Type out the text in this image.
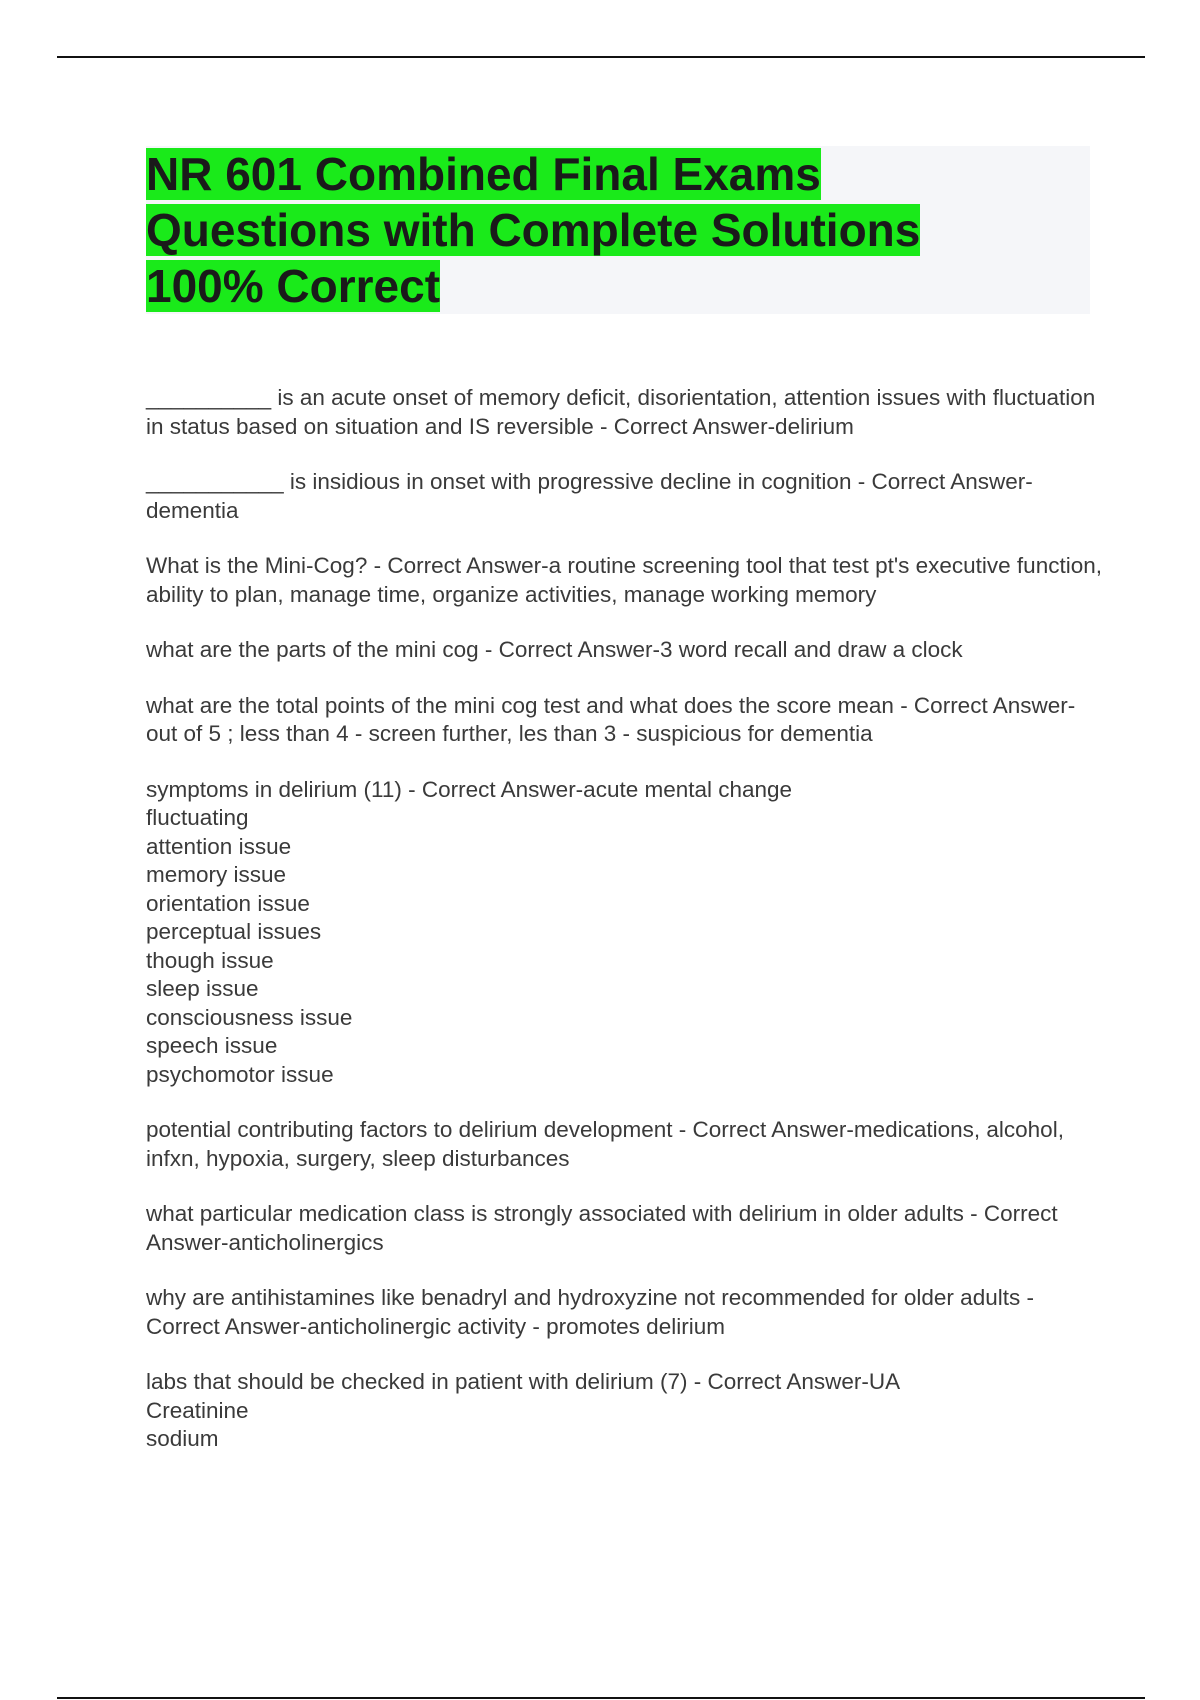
NR 601 Combined Final Exams
Questions with Complete Solutions
100% Correct

__________ is an acute onset of memory deficit, disorientation, attention issues with fluctuation in status based on situation and IS reversible - Correct Answer-delirium

___________ is insidious in onset with progressive decline in cognition - Correct Answer-
dementia

What is the Mini-Cog? - Correct Answer-a routine screening tool that test pt's executive function, ability to plan, manage time, organize activities, manage working memory

what are the parts of the mini cog - Correct Answer-3 word recall and draw a clock

what are the total points of the mini cog test and what does the score mean - Correct Answer-out of 5 ; less than 4 - screen further, les than 3 - suspicious for dementia

symptoms in delirium (11) - Correct Answer-acute mental change
fluctuating
attention issue
memory issue
orientation issue
perceptual issues
though issue
sleep issue
consciousness issue
speech issue
psychomotor issue

potential contributing factors to delirium development - Correct Answer-medications, alcohol, infxn, hypoxia, surgery, sleep disturbances

what particular medication class is strongly associated with delirium in older adults - Correct Answer-anticholinergics

why are antihistamines like benadryl and hydroxyzine not recommended for older adults - Correct Answer-anticholinergic activity - promotes delirium

labs that should be checked in patient with delirium (7) - Correct Answer-UA
Creatinine
sodium
